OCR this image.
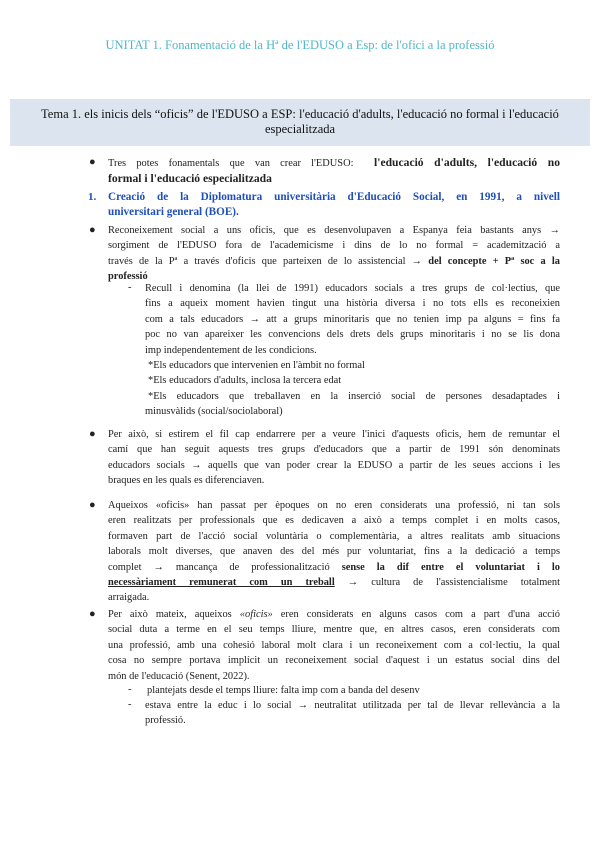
UNITAT 1. Fonamentació de la Hª de l'EDUSO a Esp: de l'ofici a la professió
Tema 1. els inicis dels “oficis” de l'EDUSO a ESP: l'educació d'adults, l'educació no formal i l'educació
especialitzada
● Tres potes fonamentals que van crear l'EDUSO: l'educació d'adults, l'educació no
formal i l'educació especialitzada
1. Creació de la Diplomatura universitària d'Educació Social, en 1991, a nivell
universitari general (BOE).
● Reconeixement social a uns oficis, que es desenvolupaven a Espanya feia bastants anys →
sorgiment de l'EDUSO fora de l'academicisme i dins de lo no formal = academització a
través de la Pª a través d'oficis que parteixen de lo assistencial → del concepte + Pª soc a la
professió
- Recull i denomina (la llei de 1991) educadors socials a tres grups de col·lectius, que
fins a aqueix moment havien tingut una història diversa i no tots ells es reconeixien
com a tals educadors → att a grups minoritaris que no tenien imp pa alguns = fins fa
poc no van apareixer les convencions dels drets dels grups minoritaris i no se lis dona
imp independentement de les condicions.
*Els educadors que intervenien en l'àmbit no formal
*Els educadors d'adults, inclosa la tercera edat
*Els educadors que treballaven en la inserció social de persones desadaptades i
minusvàlids (social/sociolaboral)
● Per això, si estirem el fil cap endarrere per a veure l'inici d'aquests oficis, hem de remuntar el
camí que han seguit aquests tres grups d'educadors que a partir de 1991 són denominats
educadors socials → aquells que van poder crear la EDUSO a partir de les seues accions i les
braques en les quals es diferenciaven.
● Aqueixos «oficis» han passat per èpoques on no eren considerats una professió, ni tan sols
eren realitzats per professionals que es dedicaven a això a temps complet i en molts casos,
formaven part de l'acció social voluntària o complementària, a altres realitats amb situacions
laborals molt diverses, que anaven des del més pur voluntariat, fins a la dedicació a temps
complet → mancança de professionalització sense la dif entre el voluntariat i lo
necessàriament remunerat com un treball → cultura de l'assistencialisme totalment
arraigada.
● Per això mateix, aqueixos «oficis» eren considerats en alguns casos com a part d'una acció
social duta a terme en el seu temps lliure, mentre que, en altres casos, eren considerats com
una professió, amb una cohesió laboral molt clara i un reconeixement com a col·lectiu, la qual
cosa no sempre portava implícit un reconeixement social d'aquest i un estatus social dins del
món de l'educació (Senent, 2022).
- plantejats desde el temps lliure: falta imp com a banda del desenv
- estava entre la educ i lo social → neutralitat utilitzada per tal de llevar rellevància a la
professió.
